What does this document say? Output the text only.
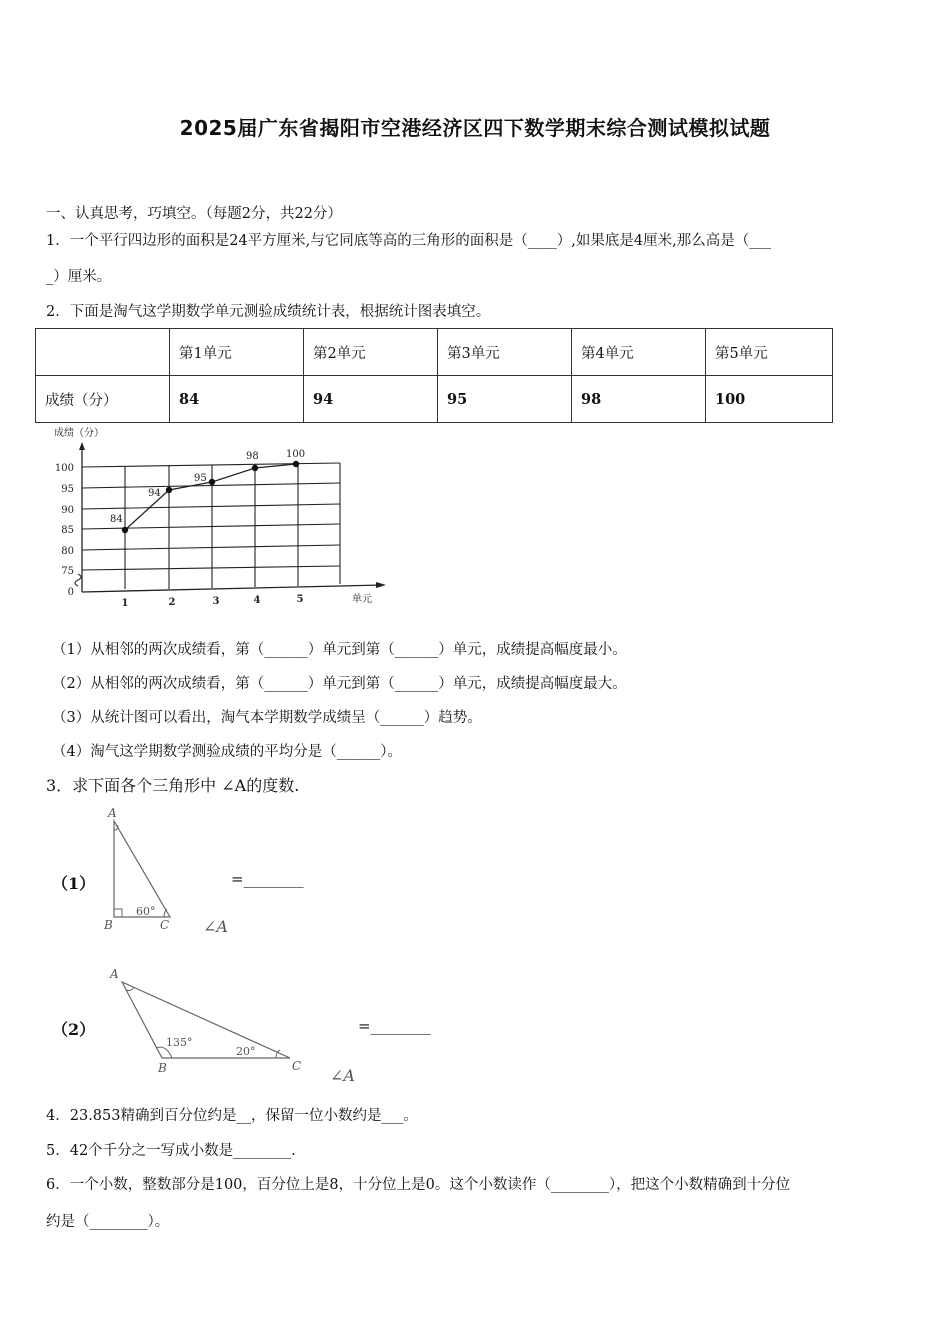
2025届广东省揭阳市空港经济区四下数学期末综合测试模拟试题
一、认真思考，巧填空。（每题2分，共22分）
1．一个平行四边形的面积是24平方厘米,与它同底等高的三角形的面积是（____）,如果底是4厘米,那么高是（___
_）厘米。
2．下面是淘气这学期数学单元测验成绩统计表，根据统计图表填空。
	第1单元	第2单元	第3单元	第4单元	第5单元
成绩（分）	84	94	95	98	100
成绩（分）
100
95
90
85
80
75
0
1	2	3	4	5	单元
84
94
95
98	100
（1）从相邻的两次成绩看，第（______）单元到第（______）单元，成绩提高幅度最小。
（2）从相邻的两次成绩看，第（______）单元到第（______）单元，成绩提高幅度最大。
（3）从统计图可以看出，淘气本学期数学成绩呈（______）趋势。
（4）淘气这学期数学测验成绩的平均分是（______）。
3．求下面各个三角形中 ∠A的度数.
（1）
A
B	C
60°
=________
∠A
（2）
A
B	C
135°
20°
=________
∠A
4．23.853精确到百分位约是__，保留一位小数约是___。
5．42个千分之一写成小数是________.
6．一个小数，整数部分是100，百分位上是8，十分位上是0。这个小数读作（________），把这个小数精确到十分位
约是（________）。
